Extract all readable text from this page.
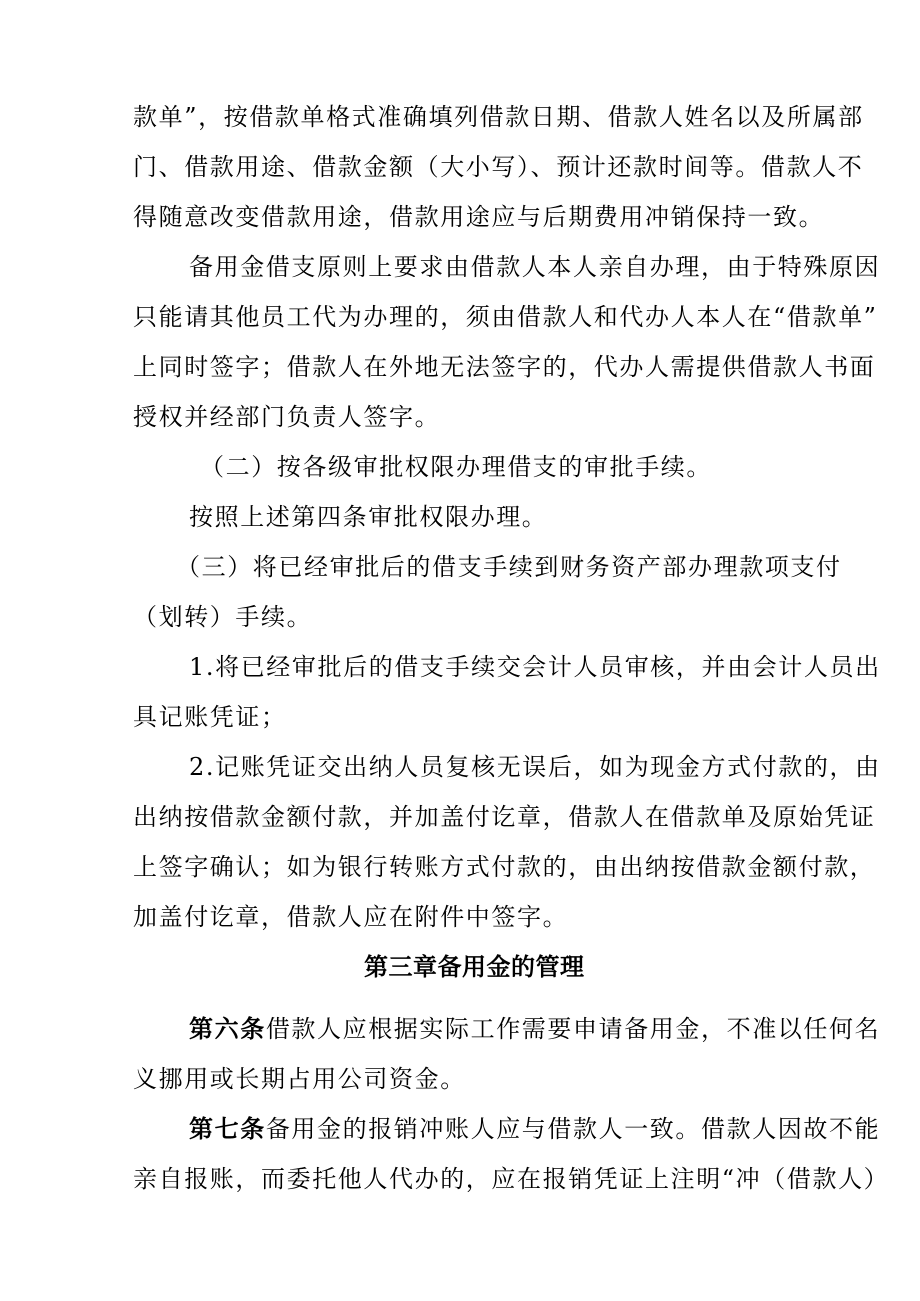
款单”，按借款单格式准确填列借款日期、借款人姓名以及所属部
门、借款用途、借款金额（大小写）、预计还款时间等。借款人不
得随意改变借款用途，借款用途应与后期费用冲销保持一致。
备用金借支原则上要求由借款人本人亲自办理，由于特殊原因
只能请其他员工代为办理的，须由借款人和代办人本人在“借款单”
上同时签字；借款人在外地无法签字的，代办人需提供借款人书面
授权并经部门负责人签字。
（二）按各级审批权限办理借支的审批手续。
按照上述第四条审批权限办理。
（三）将已经审批后的借支手续到财务资产部办理款项支付
（划转）手续。
1.将已经审批后的借支手续交会计人员审核，并由会计人员出
具记账凭证；
2.记账凭证交出纳人员复核无误后，如为现金方式付款的，由
出纳按借款金额付款，并加盖付讫章，借款人在借款单及原始凭证
上签字确认；如为银行转账方式付款的，由出纳按借款金额付款，
加盖付讫章，借款人应在附件中签字。
第三章备用金的管理
第六条借款人应根据实际工作需要申请备用金，不准以任何名
义挪用或长期占用公司资金。
第七条备用金的报销冲账人应与借款人一致。借款人因故不能
亲自报账，而委托他人代办的，应在报销凭证上注明“冲（借款人）
